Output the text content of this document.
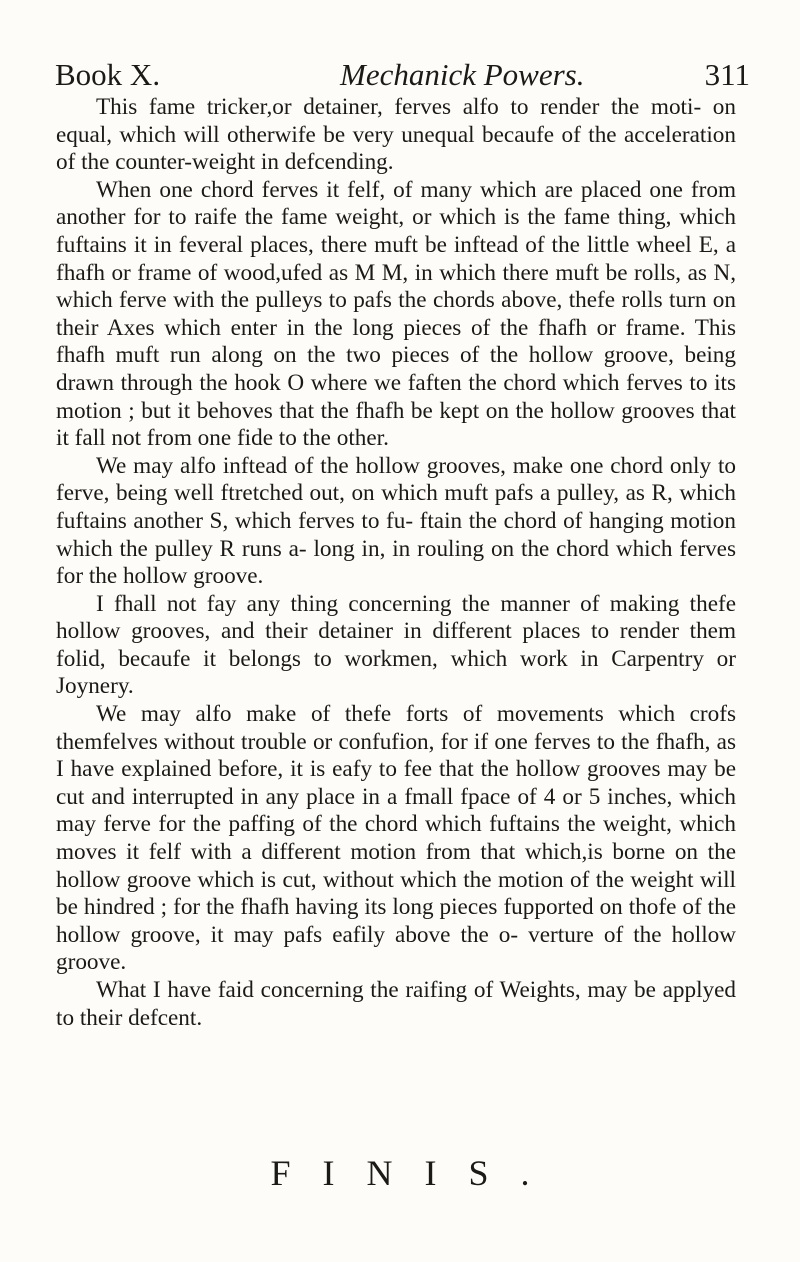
Book X.	Mechanick Powers.	311

This fame tricker,or detainer, ferves alfo to render the moti- on equal, which will otherwife be very unequal becaufe of the acceleration of the counter-weight in defcending.

When one chord ferves it felf, of many which are placed one from another for to raife the fame weight, or which is the fame thing, which fuftains it in feveral places, there muft be inftead of the little wheel E, a fhafh or frame of wood,ufed as M M, in which there muft be rolls, as N, which ferve with the pulleys to pafs the chords above, thefe rolls turn on their Axes which enter in the long pieces of the fhafh or frame. This fhafh muft run along on the two pieces of the hollow groove, being drawn through the hook O where we faften the chord which ferves to its motion ; but it behoves that the fhafh be kept on the hollow grooves that it fall not from one fide to the other.

We may alfo inftead of the hollow grooves, make one chord only to ferve, being well ftretched out, on which muft pafs a pulley, as R, which fuftains another S, which ferves to fu- ftain the chord of hanging motion which the pulley R runs a- long in, in rouling on the chord which ferves for the hollow groove.

I fhall not fay any thing concerning the manner of making thefe hollow grooves, and their detainer in different places to render them folid, becaufe it belongs to workmen, which work in Carpentry or Joynery.

We may alfo make of thefe forts of movements which crofs themfelves without trouble or confufion, for if one ferves to the fhafh, as I have explained before, it is eafy to fee that the hollow grooves may be cut and interrupted in any place in a fmall fpace of 4 or 5 inches, which may ferve for the paffing of the chord which fuftains the weight, which moves it felf with a different motion from that which,is borne on the hollow groove which is cut, without which the motion of the weight will be hindred ; for the fhafh having its long pieces fupported on thofe of the hollow groove, it may pafs eafily above the o- verture of the hollow groove.

What I have faid concerning the raifing of Weights, may be applyed to their defcent.

FINIS.
